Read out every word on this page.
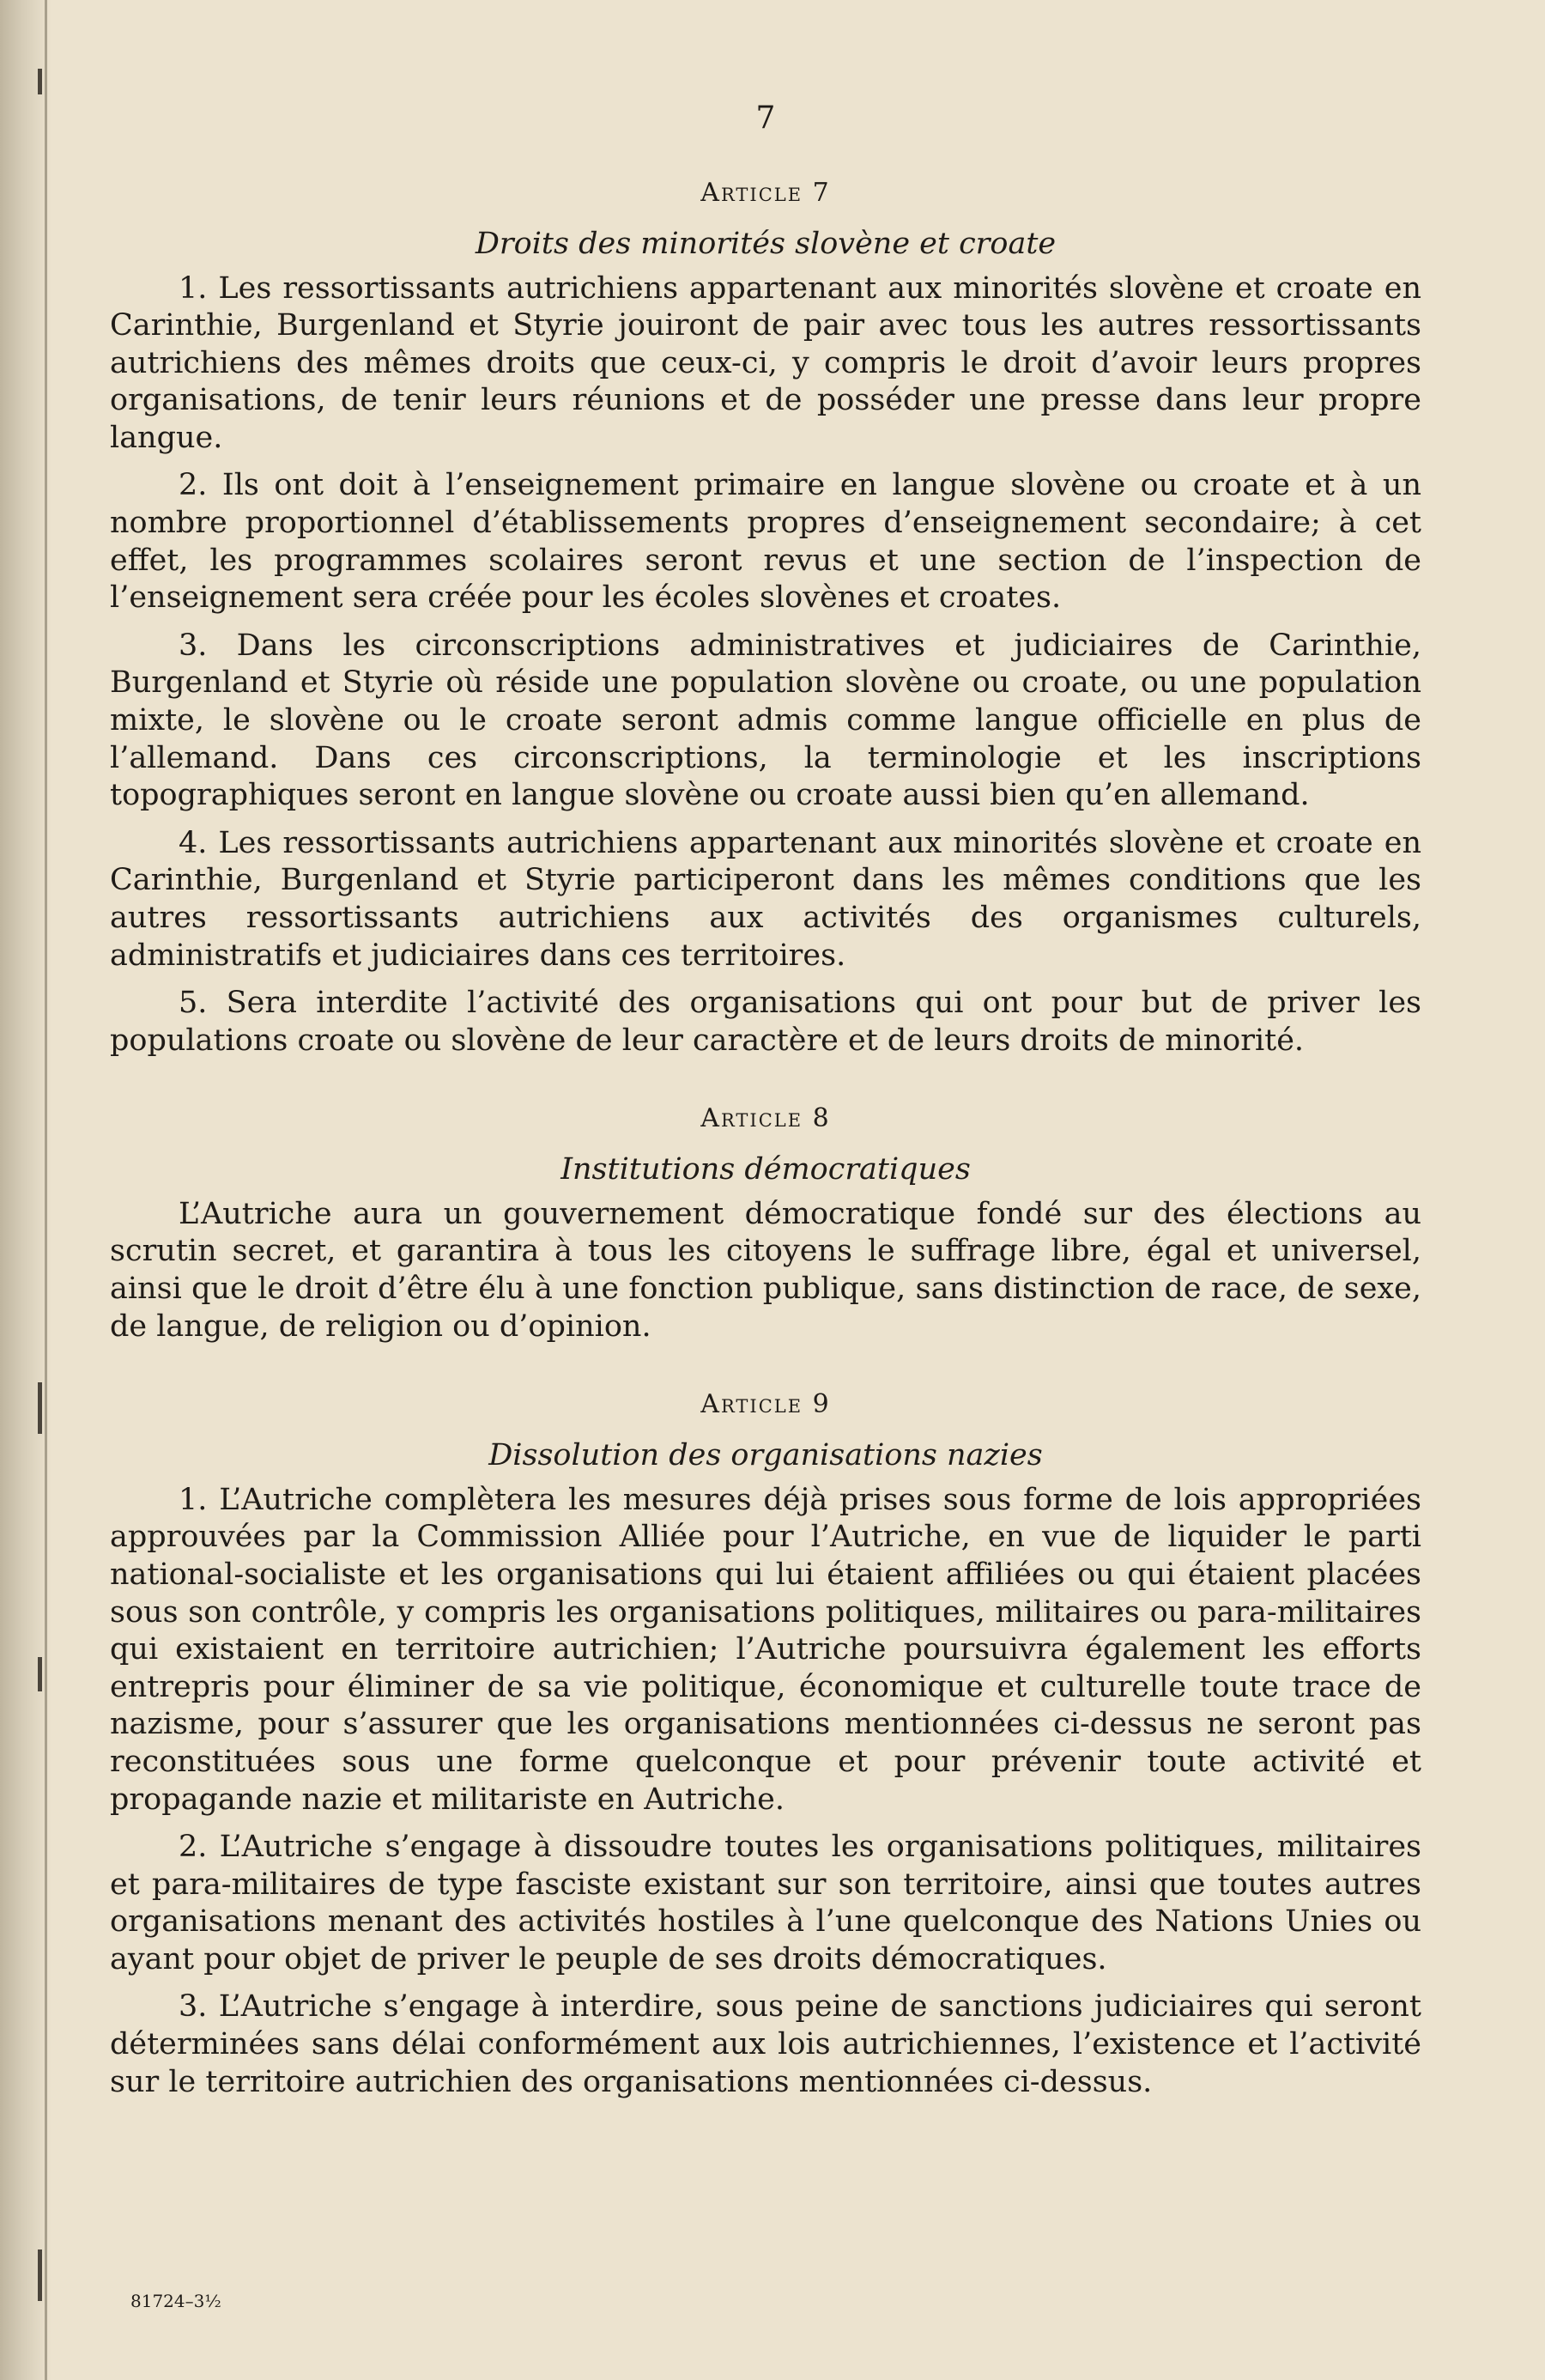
7
Article 7
Droits des minorités slovène et croate

1. Les ressortissants autrichiens appartenant aux minorités slovène et croate en Carinthie, Burgenland et Styrie jouiront de pair avec tous les autres ressortissants autrichiens des mêmes droits que ceux-ci, y compris le droit d’avoir leurs propres organisations, de tenir leurs réunions et de posséder une presse dans leur propre langue.

2. Ils ont doit à l’enseignement primaire en langue slovène ou croate et à un nombre proportionnel d’établissements propres d’enseignement secondaire; à cet effet, les programmes scolaires seront revus et une section de l’inspection de l’enseignement sera créée pour les écoles slovènes et croates.

3. Dans les circonscriptions administratives et judiciaires de Carinthie, Burgenland et Styrie où réside une population slovène ou croate, ou une population mixte, le slovène ou le croate seront admis comme langue officielle en plus de l’allemand. Dans ces circonscriptions, la terminologie et les inscriptions topographiques seront en langue slovène ou croate aussi bien qu’en allemand.

4. Les ressortissants autrichiens appartenant aux minorités slovène et croate en Carinthie, Burgenland et Styrie participeront dans les mêmes conditions que les autres ressortissants autrichiens aux activités des organismes culturels, administratifs et judiciaires dans ces territoires.

5. Sera interdite l’activité des organisations qui ont pour but de priver les populations croate ou slovène de leur caractère et de leurs droits de minorité.

Article 8
Institutions démocratiques

L’Autriche aura un gouvernement démocratique fondé sur des élections au scrutin secret, et garantira à tous les citoyens le suffrage libre, égal et universel, ainsi que le droit d’être élu à une fonction publique, sans distinction de race, de sexe, de langue, de religion ou d’opinion.

Article 9
Dissolution des organisations nazies

1. L’Autriche complètera les mesures déjà prises sous forme de lois appropriées approuvées par la Commission Alliée pour l’Autriche, en vue de liquider le parti national-socialiste et les organisations qui lui étaient affiliées ou qui étaient placées sous son contrôle, y compris les organisations politiques, militaires ou para-militaires qui existaient en territoire autrichien; l’Autriche poursuivra également les efforts entrepris pour éliminer de sa vie politique, économique et culturelle toute trace de nazisme, pour s’assurer que les organisations mentionnées ci-dessus ne seront pas reconstituées sous une forme quelconque et pour prévenir toute activité et propagande nazie et militariste en Autriche.

2. L’Autriche s’engage à dissoudre toutes les organisations politiques, militaires et para-militaires de type fasciste existant sur son territoire, ainsi que toutes autres organisations menant des activités hostiles à l’une quelconque des Nations Unies ou ayant pour objet de priver le peuple de ses droits démocratiques.

3. L’Autriche s’engage à interdire, sous peine de sanctions judiciaires qui seront déterminées sans délai conformément aux lois autrichiennes, l’existence et l’activité sur le territoire autrichien des organisations mentionnées ci-dessus.

81724–3½
